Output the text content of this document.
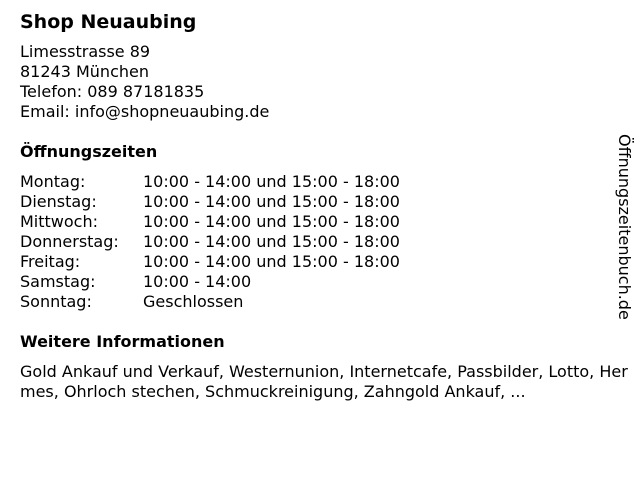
Shop Neuaubing
Limesstrasse 89
81243 München
Telefon: 089 87181835
Email: info@shopneuaubing.de
Öffnungszeiten
Montag:	10:00 - 14:00 und 15:00 - 18:00
Dienstag:	10:00 - 14:00 und 15:00 - 18:00
Mittwoch:	10:00 - 14:00 und 15:00 - 18:00
Donnerstag:	10:00 - 14:00 und 15:00 - 18:00
Freitag:	10:00 - 14:00 und 15:00 - 18:00
Samstag:	10:00 - 14:00
Sonntag:	Geschlossen
Weitere Informationen
Gold Ankauf und Verkauf, Westernunion, Internetcafe, Passbilder, Lotto, Hermes, Ohrloch stechen, Schmuckreinigung, Zahngold Ankauf, ...
Öffnungszeitenbuch.de
